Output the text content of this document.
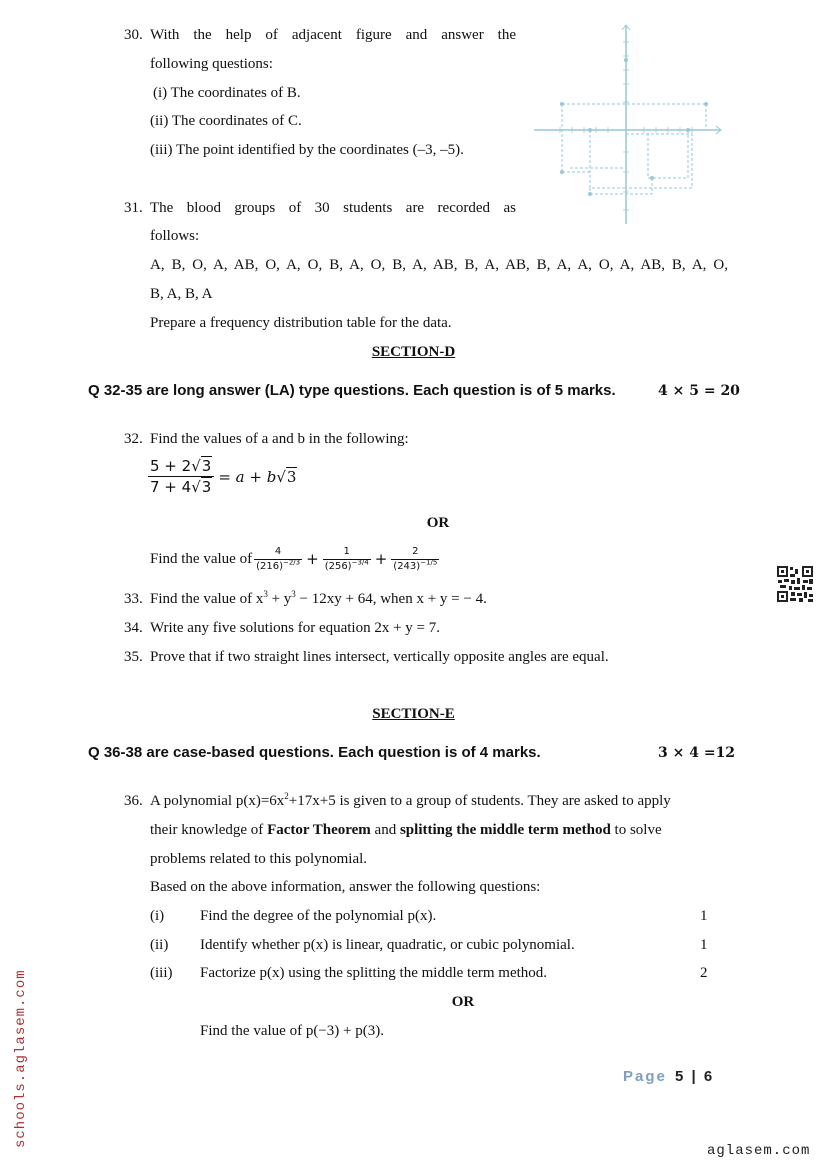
30. With the help of adjacent figure and answer the
following questions:
(i) The coordinates of B.
(ii) The coordinates of C.
(iii) The point identified by the coordinates (–3, –5).
31. The blood groups of 30 students are recorded as
follows:
A, B, O, A, AB, O, A, O, B, A, O, B, A, AB, B, A, AB, B, A, A, O, A, AB, B, A, O,
B, A, B, A
Prepare a frequency distribution table for the data.
SECTION-D
Q 32-35 are long answer (LA) type questions. Each question is of 5 marks.	4 × 5 = 20
32. Find the values of a and b in the following:
$\frac{5 + 2√3}{7 + 4√3} = a + b√3$
OR
Find the value of $\frac{4}{(216)^{-2/3}} + \frac{1}{(256)^{-3/4}} + \frac{2}{(243)^{-1/5}}$
33. Find the value of $x^3 + y^3 - 12xy + 64$, when x + y = − 4.
34. Write any five solutions for equation 2x + y = 7.
35. Prove that if two straight lines intersect, vertically opposite angles are equal.
SECTION-E
Q 36-38 are case-based questions. Each question is of 4 marks.	3 × 4 =12
36. A polynomial $p(x)=6x^2+17x+5$ is given to a group of students. They are asked to apply
their knowledge of Factor Theorem and splitting the middle term method to solve
problems related to this polynomial.
Based on the above information, answer the following questions:
(i) Find the degree of the polynomial p(x).	1
(ii) Identify whether p(x) is linear, quadratic, or cubic polynomial.	1
(iii) Factorize p(x) using the splitting the middle term method.	2
OR
Find the value of p(−3) + p(3).
Page 5 | 6
schools.aglasem.com
aglasem.com
